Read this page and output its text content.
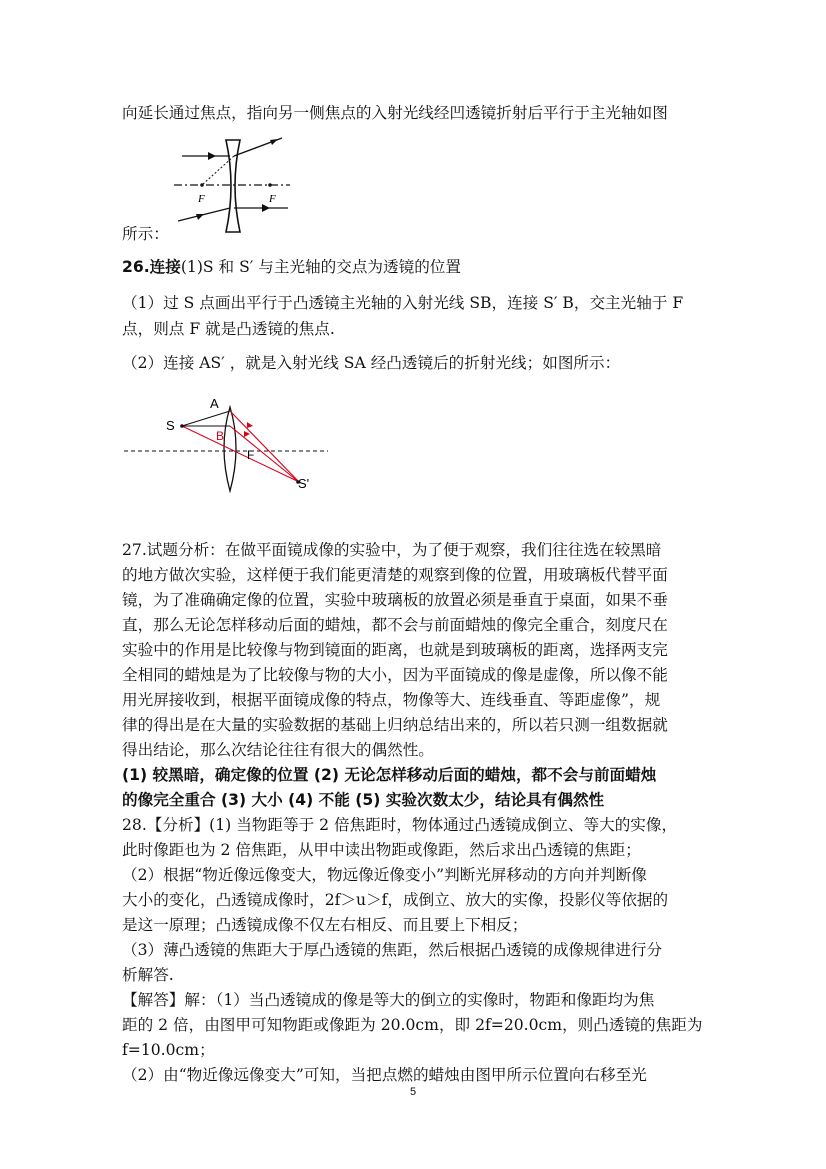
向延长通过焦点，指向另一侧焦点的入射光线经凹透镜折射后平行于主光轴如图
F	F
所示：
26.连接(1)S 和 S′ 与主光轴的交点为透镜的位置
（1）过 S 点画出平行于凸透镜主光轴的入射光线 SB，连接 S′ B，交主光轴于 F
点，则点 F 就是凸透镜的焦点.
（2）连接 AS′ ，就是入射光线 SA 经凸透镜后的折射光线；如图所示：
S
A
B
F
S'
27.试题分析：在做平面镜成像的实验中，为了便于观察，我们往往选在较黑暗
的地方做次实验，这样便于我们能更清楚的观察到像的位置，用玻璃板代替平面
镜，为了准确确定像的位置，实验中玻璃板的放置必须是垂直于桌面，如果不垂
直，那么无论怎样移动后面的蜡烛，都不会与前面蜡烛的像完全重合，刻度尺在
实验中的作用是比较像与物到镜面的距离，也就是到玻璃板的距离，选择两支完
全相同的蜡烛是为了比较像与物的大小，因为平面镜成的像是虚像，所以像不能
用光屏接收到，根据平面镜成像的特点，物像等大、连线垂直、等距虚像”，规
律的得出是在大量的实验数据的基础上归纳总结出来的，所以若只测一组数据就
得出结论，那么次结论往往有很大的偶然性。
(1) 较黑暗，确定像的位置 (2) 无论怎样移动后面的蜡烛，都不会与前面蜡烛
的像完全重合 (3) 大小 (4) 不能 (5) 实验次数太少，结论具有偶然性
28.【分析】(1) 当物距等于 2 倍焦距时，物体通过凸透镜成倒立、等大的实像，
此时像距也为 2 倍焦距，从甲中读出物距或像距，然后求出凸透镜的焦距；
（2）根据“物近像远像变大，物远像近像变小”判断光屏移动的方向并判断像
大小的变化，凸透镜成像时，2f＞u＞f，成倒立、放大的实像，投影仪等依据的
是这一原理；凸透镜成像不仅左右相反、而且要上下相反；
（3）薄凸透镜的焦距大于厚凸透镜的焦距，然后根据凸透镜的成像规律进行分
析解答.
【解答】解：（1）当凸透镜成的像是等大的倒立的实像时，物距和像距均为焦
距的 2 倍，由图甲可知物距或像距为 20.0cm，即 2f=20.0cm，则凸透镜的焦距为
f=10.0cm；
（2）由“物近像远像变大”可知，当把点燃的蜡烛由图甲所示位置向右移至光
5
